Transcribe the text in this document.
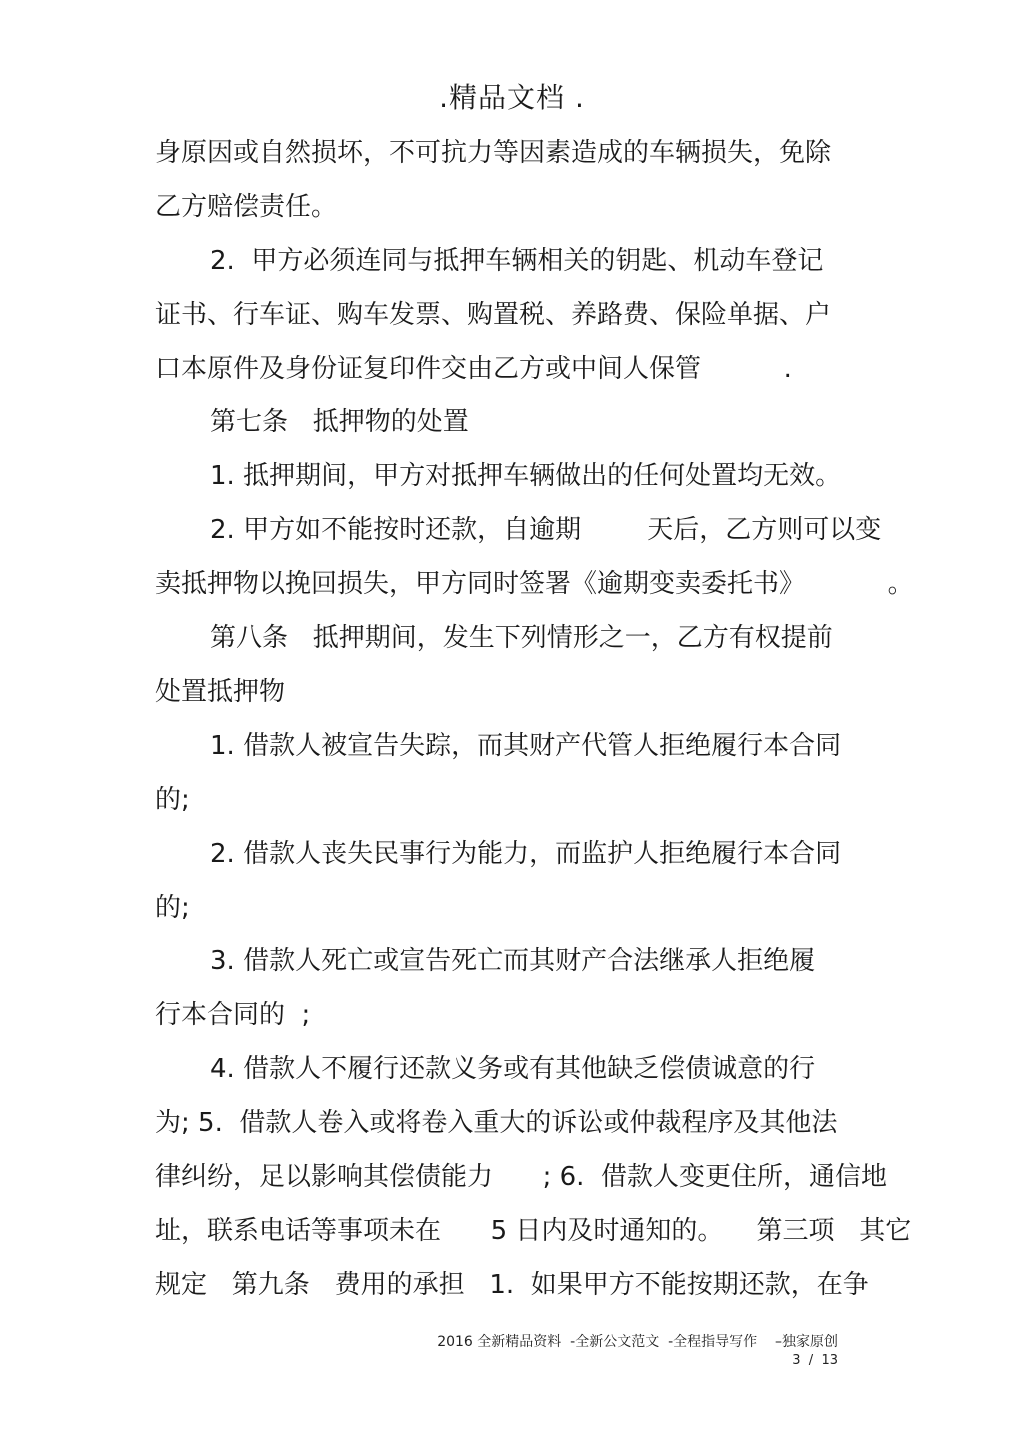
.精品文档 .
身原因或自然损坏，不可抗力等因素造成的车辆损失，免除
乙方赔偿责任。
2.  甲方必须连同与抵押车辆相关的钥匙、机动车登记
证书、行车证、购车发票、购置税、养路费、保险单据、户
口本原件及身份证复印件交由乙方或中间人保管          .
第七条   抵押物的处置
1. 抵押期间，甲方对抵押车辆做出的任何处置均无效。
2. 甲方如不能按时还款，自逾期        天后，乙方则可以变
卖抵押物以挽回损失，甲方同时签署《逾期变卖委托书》          。
第八条   抵押期间，发生下列情形之一，乙方有权提前
处置抵押物
1. 借款人被宣告失踪，而其财产代管人拒绝履行本合同
的;
2. 借款人丧失民事行为能力，而监护人拒绝履行本合同
的;
3. 借款人死亡或宣告死亡而其财产合法继承人拒绝履
行本合同的  ;
4. 借款人不履行还款义务或有其他缺乏偿债诚意的行
为; 5.  借款人卷入或将卷入重大的诉讼或仲裁程序及其他法
律纠纷，足以影响其偿债能力      ; 6.  借款人变更住所，通信地
址，联系电话等事项未在      5 日内及时通知的。    第三项   其它
规定   第九条   费用的承担   1.  如果甲方不能按期还款，在争
2016 全新精品资料  -全新公文范文  -全程指导写作    –独家原创
3  /  13
